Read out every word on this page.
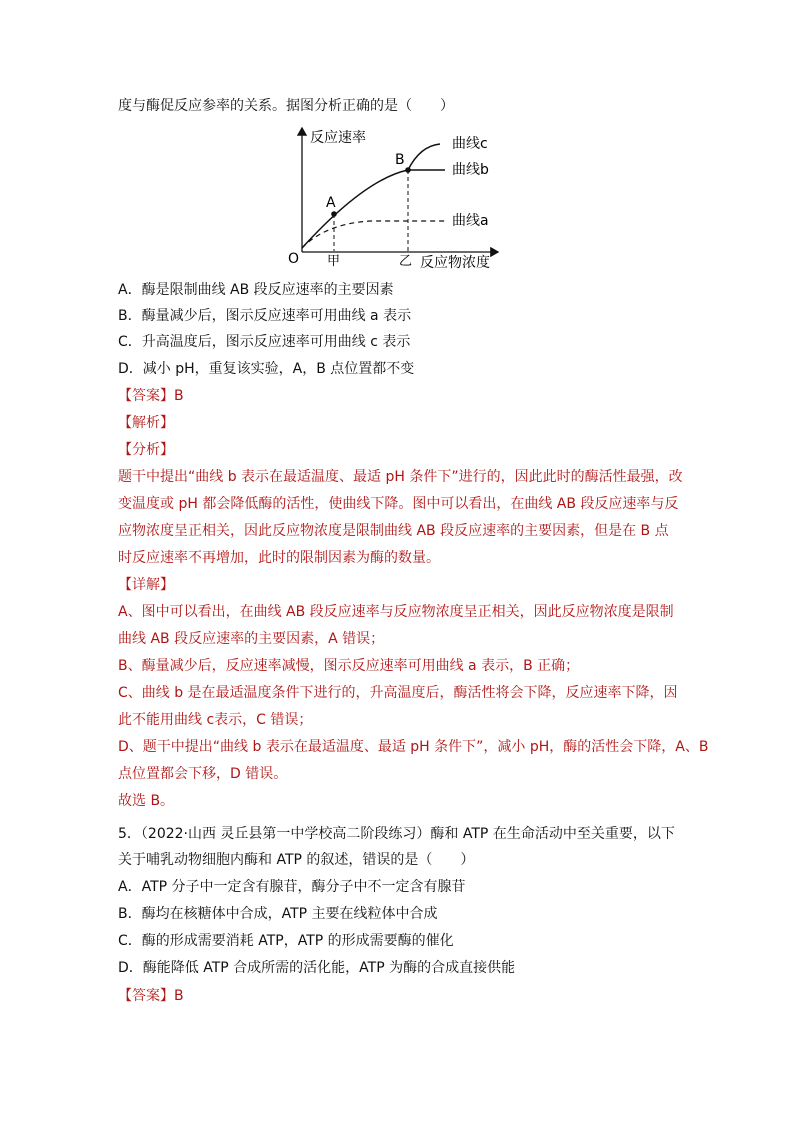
度与酶促反应参率的关系。据图分析正确的是（　　）
反应速率
反应物浓度
O 甲	乙
A
B
曲线c
曲线b
曲线a
A．酶是限制曲线 AB 段反应速率的主要因素
B．酶量减少后，图示反应速率可用曲线 a 表示
C．升高温度后，图示反应速率可用曲线 c 表示
D．减小 pH，重复该实验，A，B 点位置都不变
【答案】B
【解析】
【分析】
题干中提出“曲线 b 表示在最适温度、最适 pH 条件下”进行的，因此此时的酶活性最强，改
变温度或 pH 都会降低酶的活性，使曲线下降。图中可以看出，在曲线 AB 段反应速率与反
应物浓度呈正相关，因此反应物浓度是限制曲线 AB 段反应速率的主要因素，但是在 B 点
时反应速率不再增加，此时的限制因素为酶的数量。
【详解】
A、图中可以看出，在曲线 AB 段反应速率与反应物浓度呈正相关，因此反应物浓度是限制
曲线 AB 段反应速率的主要因素，A 错误；
B、酶量减少后，反应速率减慢，图示反应速率可用曲线 a 表示，B 正确；
C、曲线 b 是在最适温度条件下进行的，升高温度后，酶活性将会下降，反应速率下降，因
此不能用曲线 c表示，C 错误；
D、题干中提出“曲线 b 表示在最适温度、最适 pH 条件下”，减小 pH，酶的活性会下降，A、B
点位置都会下移，D 错误。
故选 B。
5．（2022·山西 灵丘县第一中学校高二阶段练习）酶和 ATP 在生命活动中至关重要，以下
关于哺乳动物细胞内酶和 ATP 的叙述，错误的是（　　）
A．ATP 分子中一定含有腺苷，酶分子中不一定含有腺苷
B．酶均在核糖体中合成，ATP 主要在线粒体中合成
C．酶的形成需要消耗 ATP，ATP 的形成需要酶的催化
D．酶能降低 ATP 合成所需的活化能，ATP 为酶的合成直接供能
【答案】B
